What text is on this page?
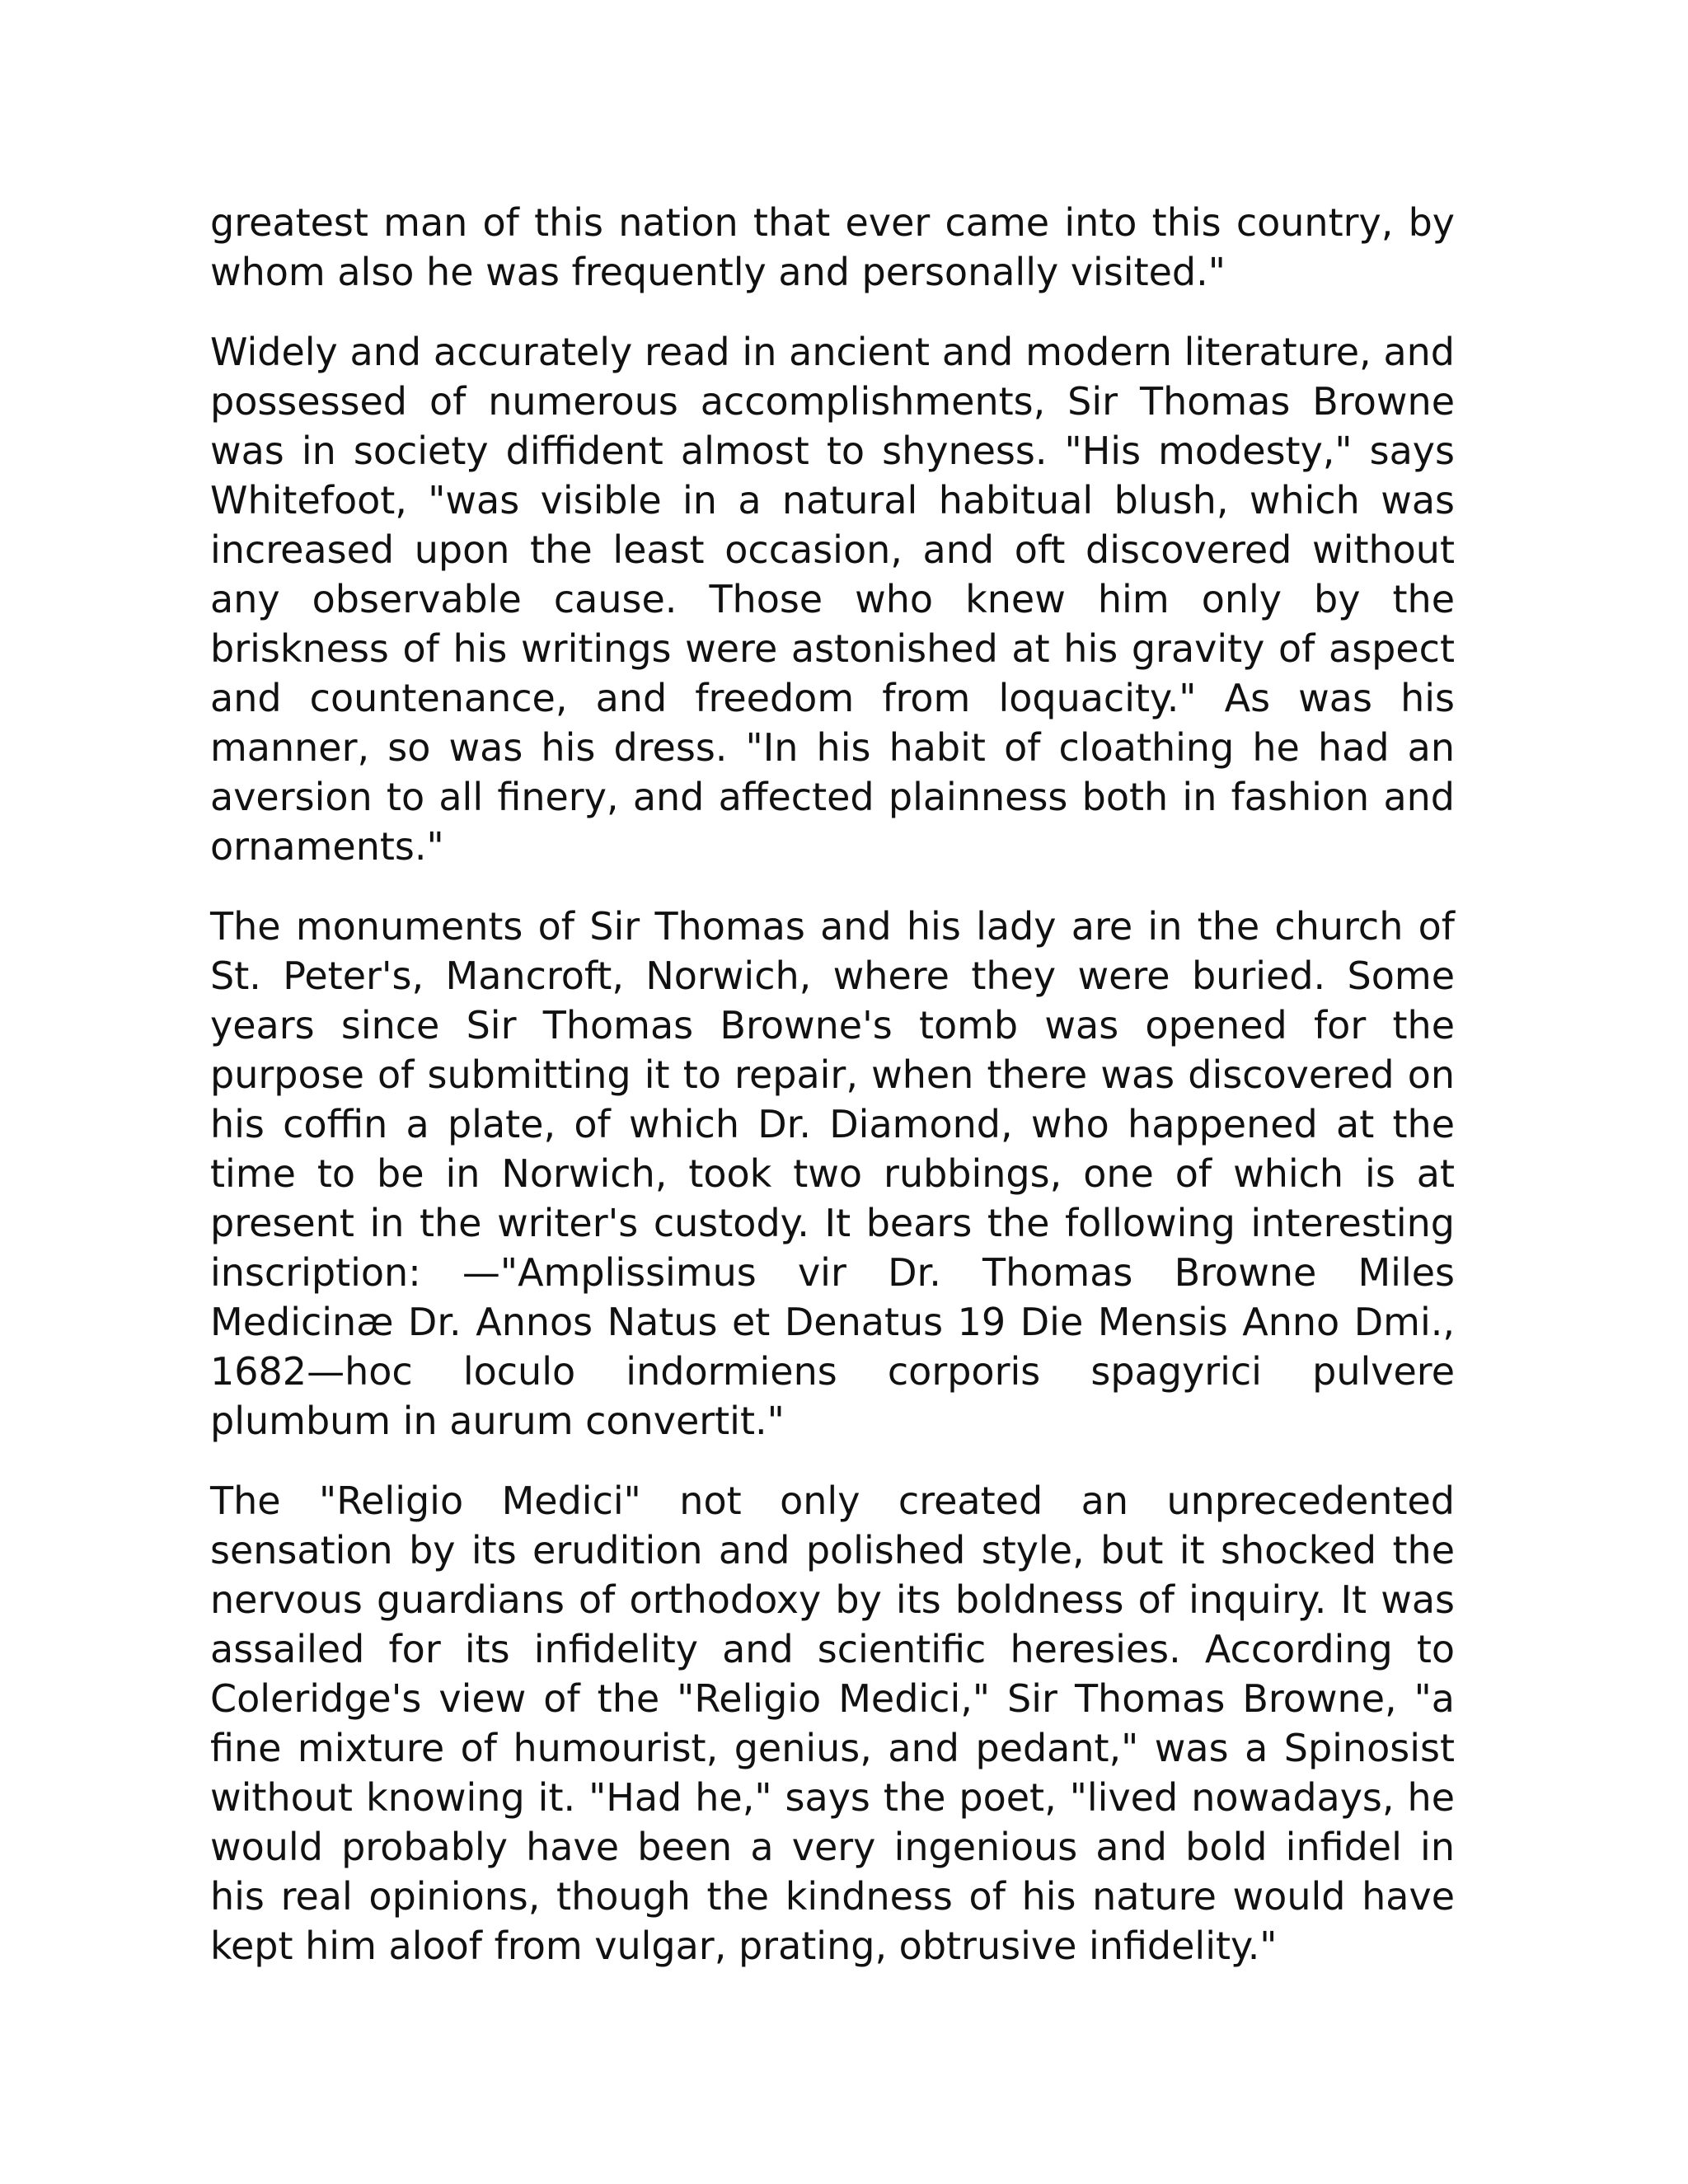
greatest man of this nation that ever came into this country, by whom also he was frequently and personally visited."

Widely and accurately read in ancient and modern literature, and possessed of numerous accomplishments, Sir Thomas Browne was in society diffident almost to shyness. "His modesty," says Whitefoot, "was visible in a natural habitual blush, which was increased upon the least occasion, and oft discovered without any observable cause. Those who knew him only by the briskness of his writings were astonished at his gravity of aspect and countenance, and freedom from loquacity." As was his manner, so was his dress. "In his habit of cloathing he had an aversion to all finery, and affected plainness both in fashion and ornaments."

The monuments of Sir Thomas and his lady are in the church of St. Peter's, Mancroft, Norwich, where they were buried. Some years since Sir Thomas Browne's tomb was opened for the purpose of submitting it to repair, when there was discovered on his coffin a plate, of which Dr. Diamond, who happened at the time to be in Norwich, took two rubbings, one of which is at present in the writer's custody. It bears the following interesting inscription: —"Amplissimus vir Dr. Thomas Browne Miles Medicinæ Dr. Annos Natus et Denatus 19 Die Mensis Anno Dmi., 1682—hoc loculo indormiens corporis spagyrici pulvere plumbum in aurum convertit."

The "Religio Medici" not only created an unprecedented sensation by its erudition and polished style, but it shocked the nervous guardians of orthodoxy by its boldness of inquiry. It was assailed for its infidelity and scientific heresies. According to Coleridge's view of the "Religio Medici," Sir Thomas Browne, "a fine mixture of humourist, genius, and pedant," was a Spinosist without knowing it. "Had he," says the poet, "lived nowadays, he would probably have been a very ingenious and bold infidel in his real opinions, though the kindness of his nature would have kept him aloof from vulgar, prating, obtrusive infidelity."
